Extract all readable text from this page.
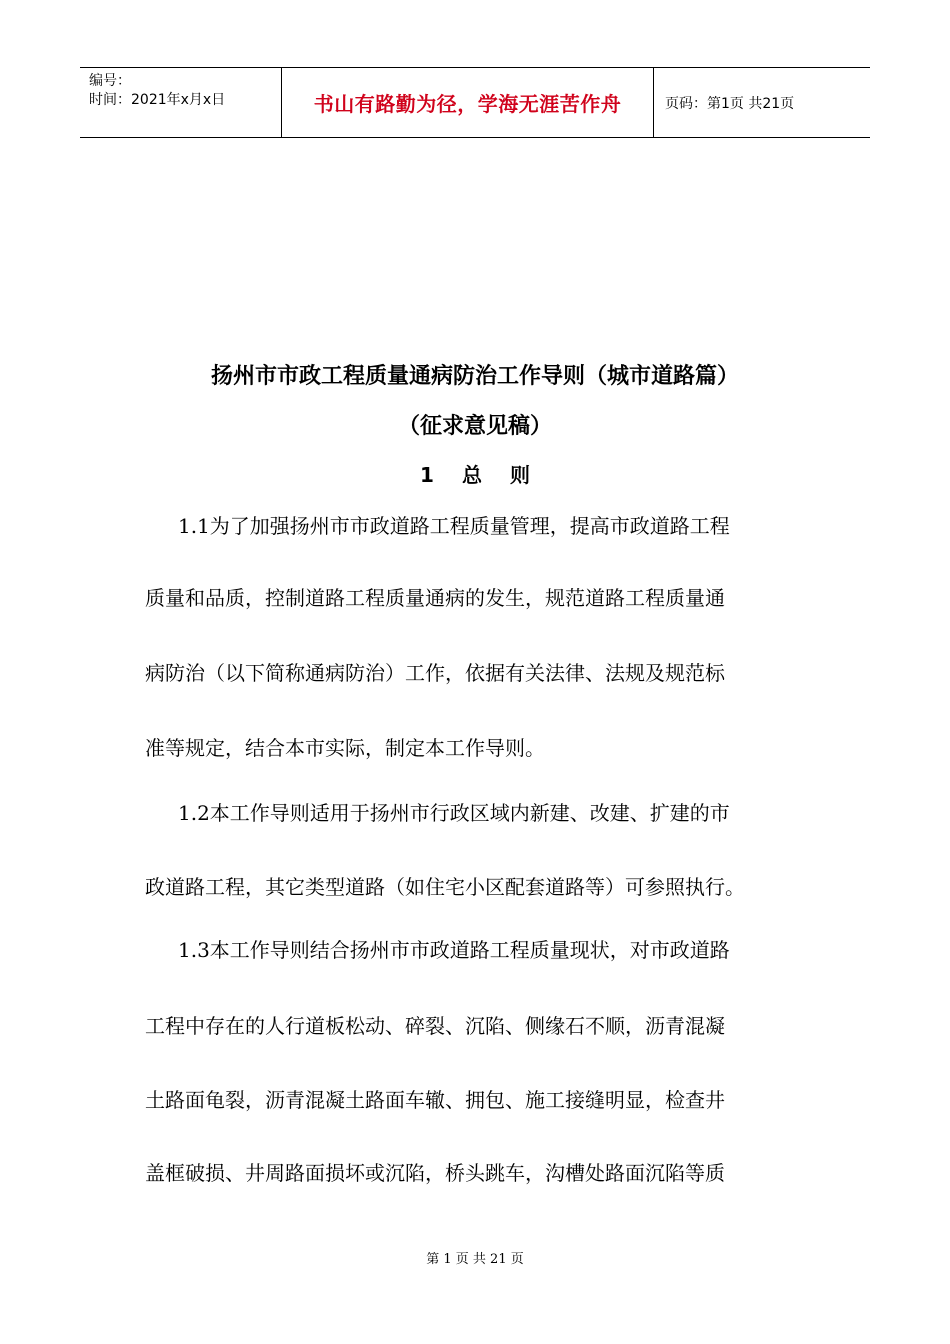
编号：
时间：2021年x月x日	书山有路勤为径，学海无涯苦作舟	页码：第1页 共21页
扬州市市政工程质量通病防治工作导则（城市道路篇）
（征求意见稿）
1 总 则
1.1为了加强扬州市市政道路工程质量管理，提高市政道路工程
质量和品质，控制道路工程质量通病的发生，规范道路工程质量通
病防治（以下简称通病防治）工作，依据有关法律、法规及规范标
准等规定，结合本市实际，制定本工作导则。
1.2本工作导则适用于扬州市行政区域内新建、改建、扩建的市
政道路工程，其它类型道路（如住宅小区配套道路等）可参照执行。
1.3本工作导则结合扬州市市政道路工程质量现状，对市政道路
工程中存在的人行道板松动、碎裂、沉陷、侧缘石不顺，沥青混凝
土路面龟裂，沥青混凝土路面车辙、拥包、施工接缝明显，检查井
盖框破损、井周路面损坏或沉陷，桥头跳车，沟槽处路面沉陷等质
第 1 页 共 21 页
